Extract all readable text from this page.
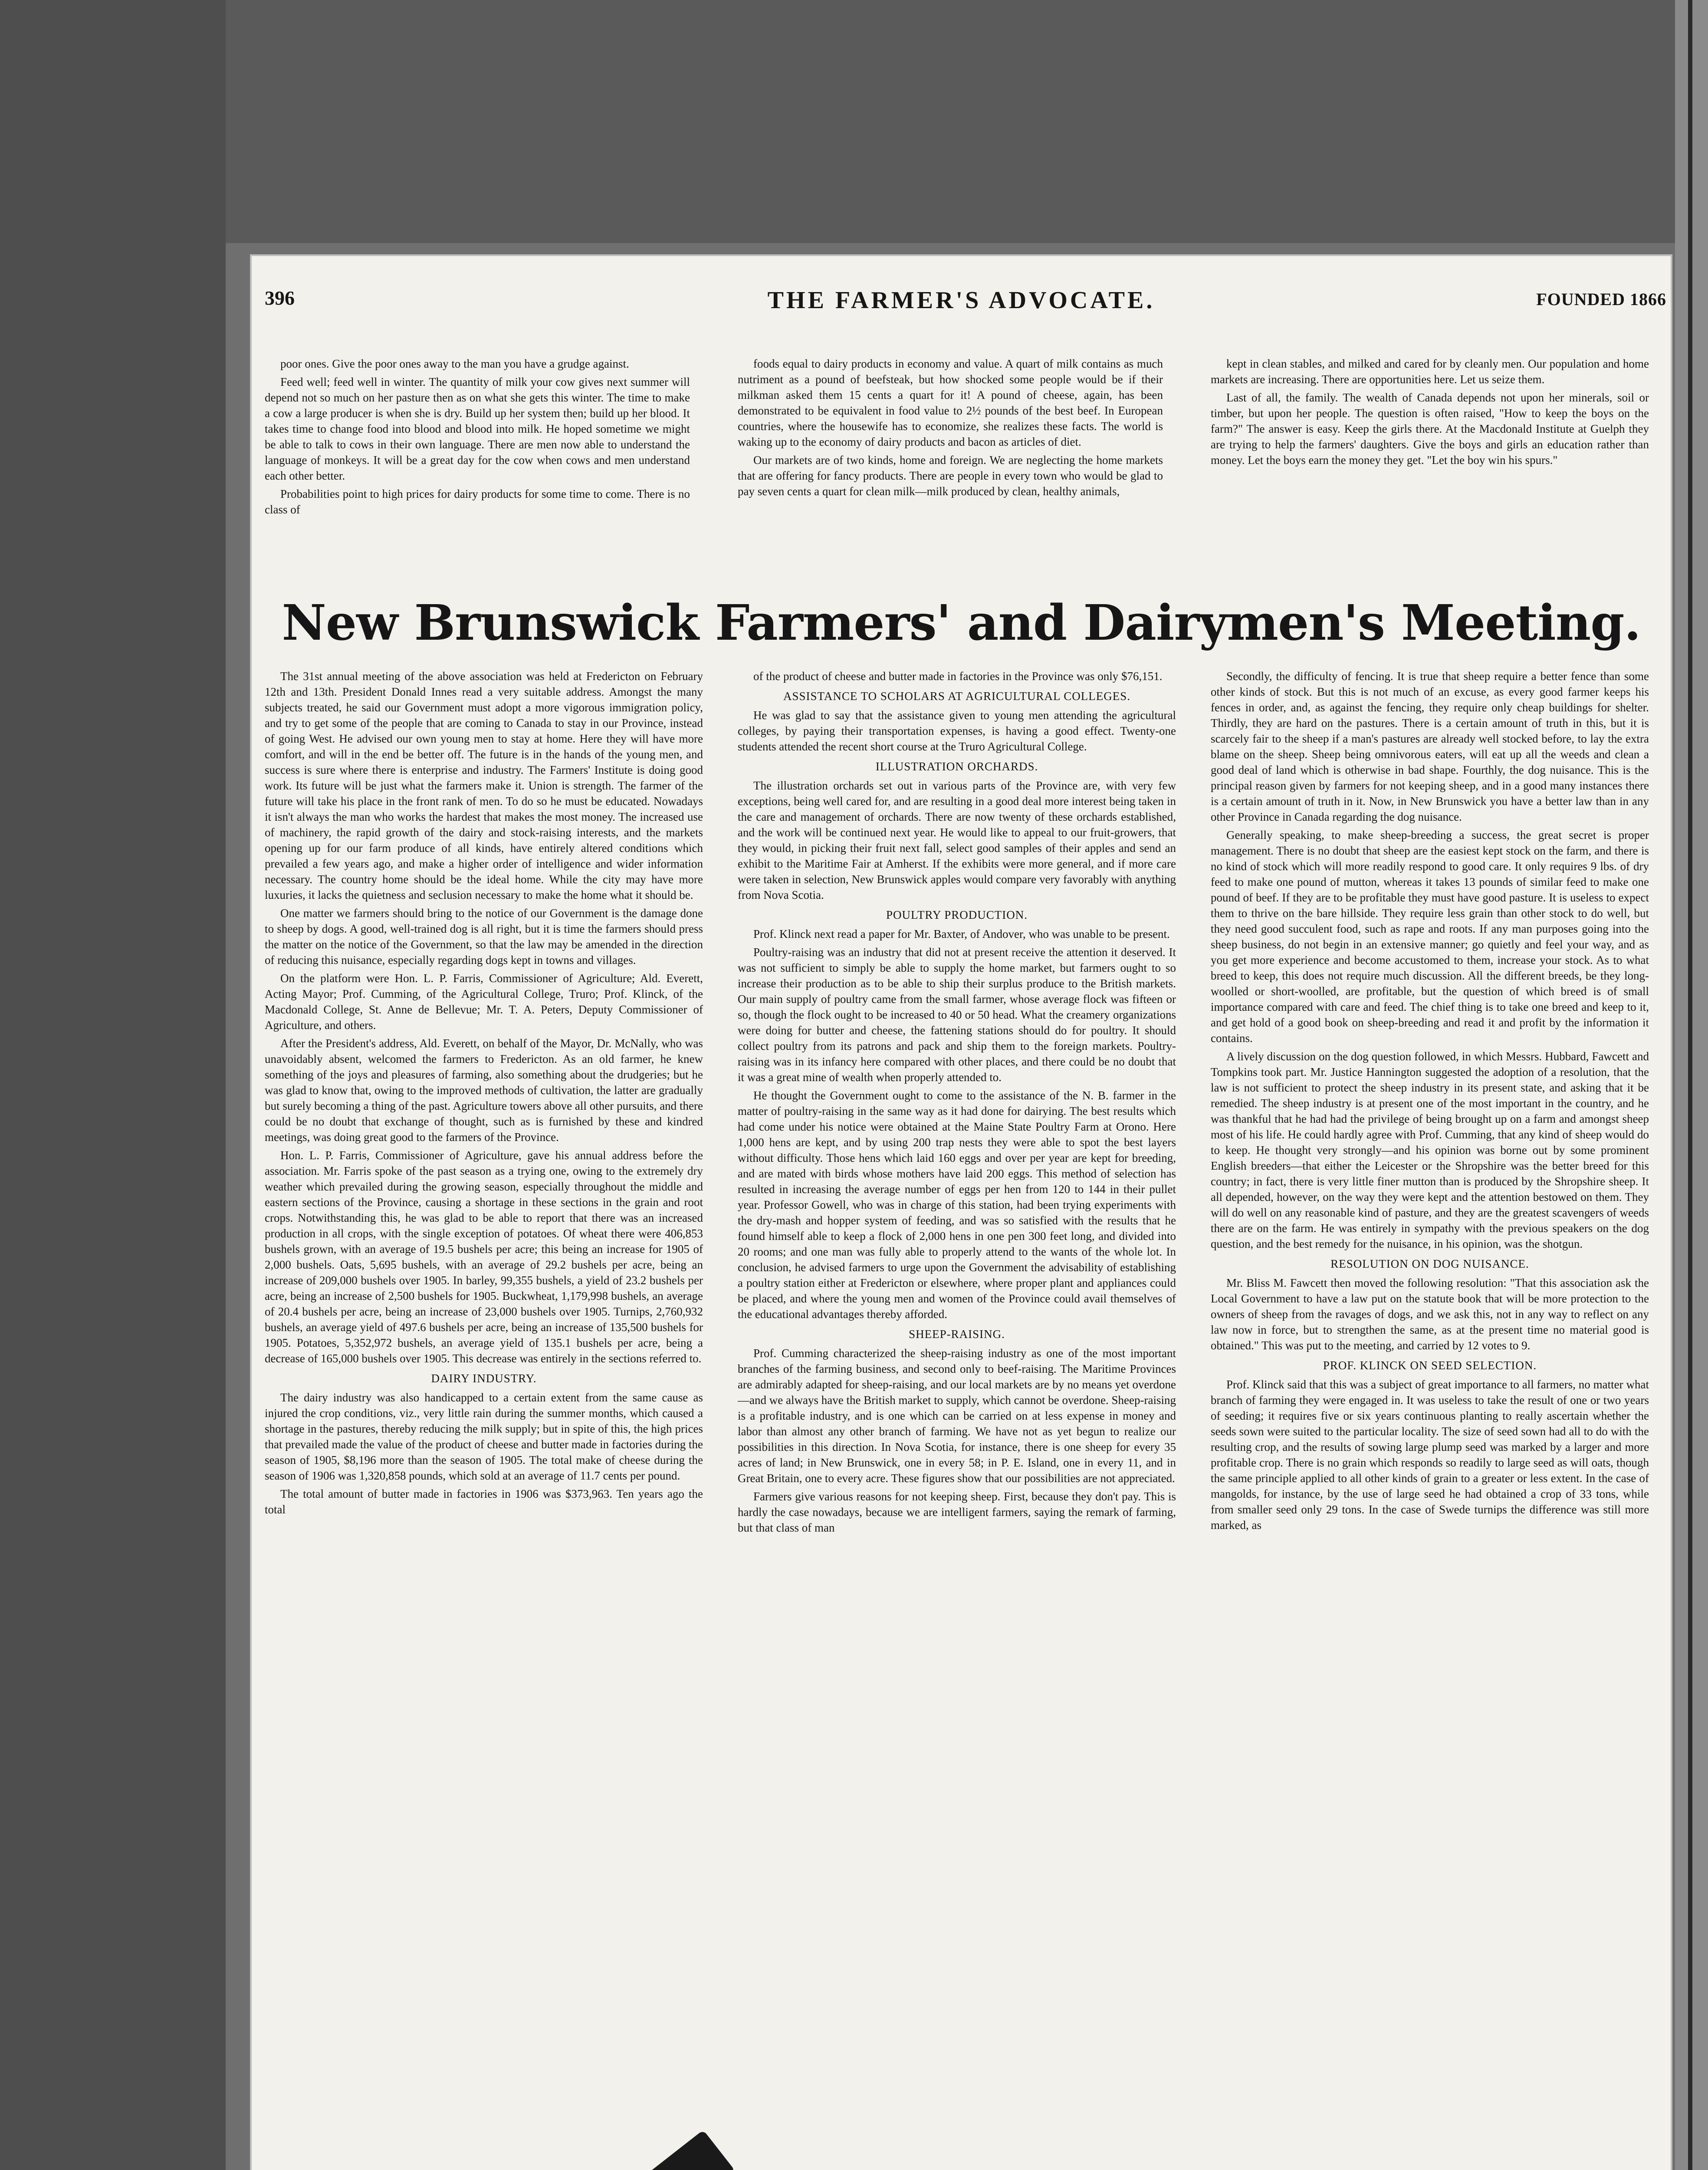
396	THE FARMER'S ADVOCATE.	FOUNDED 1866

poor ones. Give the poor ones away to the man you have a grudge against.

Feed well; feed well in winter. The quantity of milk your cow gives next summer will depend not so much on her pasture then as on what she gets this winter. The time to make a cow a large producer is when she is dry. Build up her system then; build up her blood. It takes time to change food into blood and blood into milk. He hoped sometime we might be able to talk to cows in their own language. There are men now able to understand the language of monkeys. It will be a great day for the cow when cows and men understand each other better.

Probabilities point to high prices for dairy products for some time to come. There is no class of

foods equal to dairy products in economy and value. A quart of milk contains as much nutriment as a pound of beefsteak, but how shocked some people would be if their milkman asked them 15 cents a quart for it! A pound of cheese, again, has been demonstrated to be equivalent in food value to 2½ pounds of the best beef. In European countries, where the housewife has to economize, she realizes these facts. The world is waking up to the economy of dairy products and bacon as articles of diet.

Our markets are of two kinds, home and foreign. We are neglecting the home markets that are offering for fancy products. There are people in every town who would be glad to pay seven cents a quart for clean milk—milk produced by clean, healthy animals,

kept in clean stables, and milked and cared for by cleanly men. Our population and home markets are increasing. There are opportunities here. Let us seize them.

Last of all, the family. The wealth of Canada depends not upon her minerals, soil or timber, but upon her people. The question is often raised, "How to keep the boys on the farm?" The answer is easy. Keep the girls there. At the Macdonald Institute at Guelph they are trying to help the farmers' daughters. Give the boys and girls an education rather than money. Let the boys earn the money they get. "Let the boy win his spurs."

New Brunswick Farmers' and Dairymen's Meeting.

The 31st annual meeting of the above association was held at Fredericton on February 12th and 13th. President Donald Innes read a very suitable address. Amongst the many subjects treated, he said our Government must adopt a more vigorous immigration policy, and try to get some of the people that are coming to Canada to stay in our Province, instead of going West. He advised our own young men to stay at home. Here they will have more comfort, and will in the end be better off. The future is in the hands of the young men, and success is sure where there is enterprise and industry. The Farmers' Institute is doing good work. Its future will be just what the farmers make it. Union is strength. The farmer of the future will take his place in the front rank of men. To do so he must be educated. Nowadays it isn't always the man who works the hardest that makes the most money. The increased use of machinery, the rapid growth of the dairy and stock-raising interests, and the markets opening up for our farm produce of all kinds, have entirely altered conditions which prevailed a few years ago, and make a higher order of intelligence and wider information necessary. The country home should be the ideal home. While the city may have more luxuries, it lacks the quietness and seclusion necessary to make the home what it should be.

One matter we farmers should bring to the notice of our Government is the damage done to sheep by dogs. A good, well-trained dog is all right, but it is time the farmers should press the matter on the notice of the Government, so that the law may be amended in the direction of reducing this nuisance, especially regarding dogs kept in towns and villages.

On the platform were Hon. L. P. Farris, Commissioner of Agriculture; Ald. Everett, Acting Mayor; Prof. Cumming, of the Agricultural College, Truro; Prof. Klinck, of the Macdonald College, St. Anne de Bellevue; Mr. T. A. Peters, Deputy Commissioner of Agriculture, and others.

After the President's address, Ald. Everett, on behalf of the Mayor, Dr. McNally, who was unavoidably absent, welcomed the farmers to Fredericton. As an old farmer, he knew something of the joys and pleasures of farming, also something about the drudgeries; but he was glad to know that, owing to the improved methods of cultivation, the latter are gradually but surely becoming a thing of the past. Agriculture towers above all other pursuits, and there could be no doubt that exchange of thought, such as is furnished by these and kindred meetings, was doing great good to the farmers of the Province.

Hon. L. P. Farris, Commissioner of Agriculture, gave his annual address before the association. Mr. Farris spoke of the past season as a trying one, owing to the extremely dry weather which prevailed during the growing season, especially throughout the middle and eastern sections of the Province, causing a shortage in these sections in the grain and root crops. Notwithstanding this, he was glad to be able to report that there was an increased production in all crops, with the single exception of potatoes. Of wheat there were 406,853 bushels grown, with an average of 19.5 bushels per acre; this being an increase for 1905 of 2,000 bushels. Oats, 5,695 bushels, with an average of 29.2 bushels per acre, being an increase of 209,000 bushels over 1905. In barley, 99,355 bushels, a yield of 23.2 bushels per acre, being an increase of 2,500 bushels for 1905. Buckwheat, 1,179,998 bushels, an average of 20.4 bushels per acre, being an increase of 23,000 bushels over 1905. Turnips, 2,760,932 bushels, an average yield of 497.6 bushels per acre, being an increase of 135,500 bushels for 1905. Potatoes, 5,352,972 bushels, an average yield of 135.1 bushels per acre, being a decrease of 165,000 bushels over 1905. This decrease was entirely in the sections referred to.

DAIRY INDUSTRY.

The dairy industry was also handicapped to a certain extent from the same cause as injured the crop conditions, viz., very little rain during the summer months, which caused a shortage in the pastures, thereby reducing the milk supply; but in spite of this, the high prices that prevailed made the value of the product of cheese and butter made in factories during the season of 1905, $8,196 more than the season of 1905. The total make of cheese during the season of 1906 was 1,320,858 pounds, which sold at an average of 11.7 cents per pound.

The total amount of butter made in factories in 1906 was $373,963. Ten years ago the total

of the product of cheese and butter made in factories in the Province was only $76,151.

ASSISTANCE TO SCHOLARS AT AGRICULTURAL COLLEGES.

He was glad to say that the assistance given to young men attending the agricultural colleges, by paying their transportation expenses, is having a good effect. Twenty-one students attended the recent short course at the Truro Agricultural College.

ILLUSTRATION ORCHARDS.

The illustration orchards set out in various parts of the Province are, with very few exceptions, being well cared for, and are resulting in a good deal more interest being taken in the care and management of orchards. There are now twenty of these orchards established, and the work will be continued next year. He would like to appeal to our fruit-growers, that they would, in picking their fruit next fall, select good samples of their apples and send an exhibit to the Maritime Fair at Amherst. If the exhibits were more general, and if more care were taken in selection, New Brunswick apples would compare very favorably with anything from Nova Scotia.

POULTRY PRODUCTION.

Prof. Klinck next read a paper for Mr. Baxter, of Andover, who was unable to be present.

Poultry-raising was an industry that did not at present receive the attention it deserved. It was not sufficient to simply be able to supply the home market, but farmers ought to so increase their production as to be able to ship their surplus produce to the British markets. Our main supply of poultry came from the small farmer, whose average flock was fifteen or so, though the flock ought to be increased to 40 or 50 head. What the creamery organizations were doing for butter and cheese, the fattening stations should do for poultry. It should collect poultry from its patrons and pack and ship them to the foreign markets. Poultry-raising was in its infancy here compared with other places, and there could be no doubt that it was a great mine of wealth when properly attended to.

He thought the Government ought to come to the assistance of the N. B. farmer in the matter of poultry-raising in the same way as it had done for dairying. The best results which had come under his notice were obtained at the Maine State Poultry Farm at Orono. Here 1,000 hens are kept, and by using 200 trap nests they were able to spot the best layers without difficulty. Those hens which laid 160 eggs and over per year are kept for breeding, and are mated with birds whose mothers have laid 200 eggs. This method of selection has resulted in increasing the average number of eggs per hen from 120 to 144 in their pullet year. Professor Gowell, who was in charge of this station, had been trying experiments with the dry-mash and hopper system of feeding, and was so satisfied with the results that he found himself able to keep a flock of 2,000 hens in one pen 300 feet long, and divided into 20 rooms; and one man was fully able to properly attend to the wants of the whole lot. In conclusion, he advised farmers to urge upon the Government the advisability of establishing a poultry station either at Fredericton or elsewhere, where proper plant and appliances could be placed, and where the young men and women of the Province could avail themselves of the educational advantages thereby afforded.

SHEEP-RAISING.

Prof. Cumming characterized the sheep-raising industry as one of the most important branches of the farming business, and second only to beef-raising. The Maritime Provinces are admirably adapted for sheep-raising, and our local markets are by no means yet overdone—and we always have the British market to supply, which cannot be overdone. Sheep-raising is a profitable industry, and is one which can be carried on at less expense in money and labor than almost any other branch of farming. We have not as yet begun to realize our possibilities in this direction. In Nova Scotia, for instance, there is one sheep for every 35 acres of land; in New Brunswick, one in every 58; in P. E. Island, one in every 11, and in Great Britain, one to every acre. These figures show that our possibilities are not appreciated.

Farmers give various reasons for not keeping sheep. First, because they don't pay. This is hardly the case nowadays, because we are intelligent farmers, saying the remark of farming, but that class of man

Secondly, the difficulty of fencing. It is true that sheep require a better fence than some other kinds of stock. But this is not much of an excuse, as every good farmer keeps his fences in order, and, as against the fencing, they require only cheap buildings for shelter. Thirdly, they are hard on the pastures. There is a certain amount of truth in this, but it is scarcely fair to the sheep if a man's pastures are already well stocked before, to lay the extra blame on the sheep. Sheep being omnivorous eaters, will eat up all the weeds and clean a good deal of land which is otherwise in bad shape. Fourthly, the dog nuisance. This is the principal reason given by farmers for not keeping sheep, and in a good many instances there is a certain amount of truth in it. Now, in New Brunswick you have a better law than in any other Province in Canada regarding the dog nuisance.

Generally speaking, to make sheep-breeding a success, the great secret is proper management. There is no doubt that sheep are the easiest kept stock on the farm, and there is no kind of stock which will more readily respond to good care. It only requires 9 lbs. of dry feed to make one pound of mutton, whereas it takes 13 pounds of similar feed to make one pound of beef. If they are to be profitable they must have good pasture. It is useless to expect them to thrive on the bare hillside. They require less grain than other stock to do well, but they need good succulent food, such as rape and roots. If any man purposes going into the sheep business, do not begin in an extensive manner; go quietly and feel your way, and as you get more experience and become accustomed to them, increase your stock. As to what breed to keep, this does not require much discussion. All the different breeds, be they long-woolled or short-woolled, are profitable, but the question of which breed is of small importance compared with care and feed. The chief thing is to take one breed and keep to it, and get hold of a good book on sheep-breeding and read it and profit by the information it contains.

A lively discussion on the dog question followed, in which Messrs. Hubbard, Fawcett and Tompkins took part. Mr. Justice Hannington suggested the adoption of a resolution, that the law is not sufficient to protect the sheep industry in its present state, and asking that it be remedied. The sheep industry is at present one of the most important in the country, and he was thankful that he had had the privilege of being brought up on a farm and amongst sheep most of his life. He could hardly agree with Prof. Cumming, that any kind of sheep would do to keep. He thought very strongly—and his opinion was borne out by some prominent English breeders—that either the Leicester or the Shropshire was the better breed for this country; in fact, there is very little finer mutton than is produced by the Shropshire sheep. It all depended, however, on the way they were kept and the attention bestowed on them. They will do well on any reasonable kind of pasture, and they are the greatest scavengers of weeds there are on the farm. He was entirely in sympathy with the previous speakers on the dog question, and the best remedy for the nuisance, in his opinion, was the shotgun.

RESOLUTION ON DOG NUISANCE.

Mr. Bliss M. Fawcett then moved the following resolution: "That this association ask the Local Government to have a law put on the statute book that will be more protection to the owners of sheep from the ravages of dogs, and we ask this, not in any way to reflect on any law now in force, but to strengthen the same, as at the present time no material good is obtained." This was put to the meeting, and carried by 12 votes to 9.

PROF. KLINCK ON SEED SELECTION.

Prof. Klinck said that this was a subject of great importance to all farmers, no matter what branch of farming they were engaged in. It was useless to take the result of one or two years of seeding; it requires five or six years continuous planting to really ascertain whether the seeds sown were suited to the particular locality. The size of seed sown had all to do with the resulting crop, and the results of sowing large plump seed was marked by a larger and more profitable crop. There is no grain which responds so readily to large seed as will oats, though the same principle applied to all other kinds of grain to a greater or less extent. In the case of mangolds, for instance, by the use of large seed he had obtained a crop of 33 tons, while from smaller seed only 29 tons. In the case of Swede turnips the difference was still more marked, as
